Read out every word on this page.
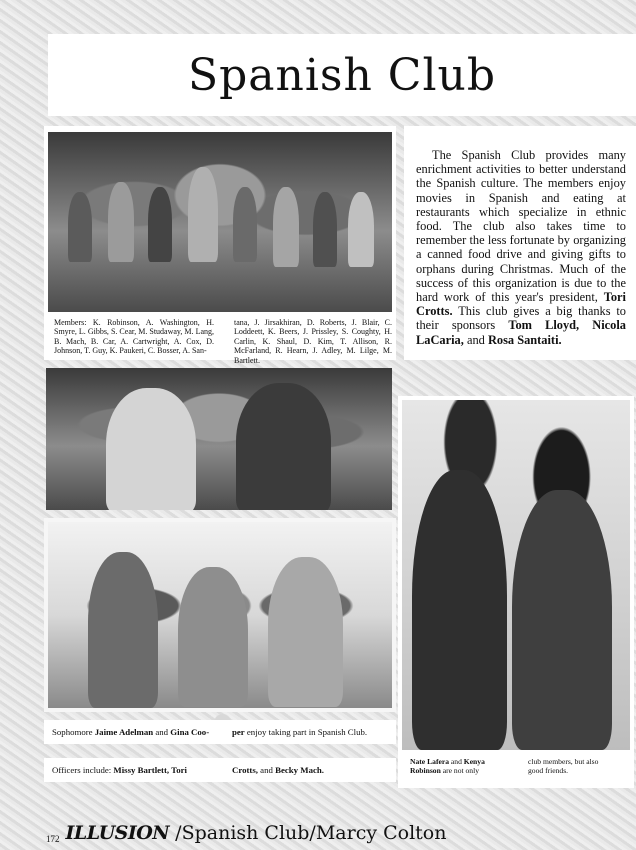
Spanish Club
Members: K. Robinson, A. Washington, H. Smyre, L. Gibbs, S. Cear, M. Studaway, M. Lang, B. Mach, B. Car, A. Cartwright, A. Cox, D. Johnson, T. Guy, K. Paukeri, C. Bosser, A. San-
tana, J. Jirsakhiran, D. Roberts, J. Blair, C. Loddeett, K. Beers, J. Prissley, S. Coughty, H. Carlin, K. Shaul, D. Kim, T. Allison, R. McFarland, R. Hearn, J. Adley, M. Lilge, M. Bartlett.

The Spanish Club provides many enrichment activities to better understand the Spanish culture. The members enjoy movies in Spanish and eating at restaurants which specialize in ethnic food. The club also takes time to remember the less fortunate by organizing a canned food drive and giving gifts to orphans during Christmas. Much of the success of this organization is due to the hard work of this year's president, Tori Crotts. This club gives a big thanks to their sponsors Tom Lloyd, Nicola LaCaria, and Rosa Santaiti.

Sophomore Jaime Adelman and Gina Coo-	per enjoy taking part in Spanish Club.
Officers include: Missy Bartlett, Tori	Crotts, and Becky Mach.
Nate Lafera and Kenya Robinson are not only
club members, but also good friends.
172 ILLUSION /Spanish Club/Marcy Colton
